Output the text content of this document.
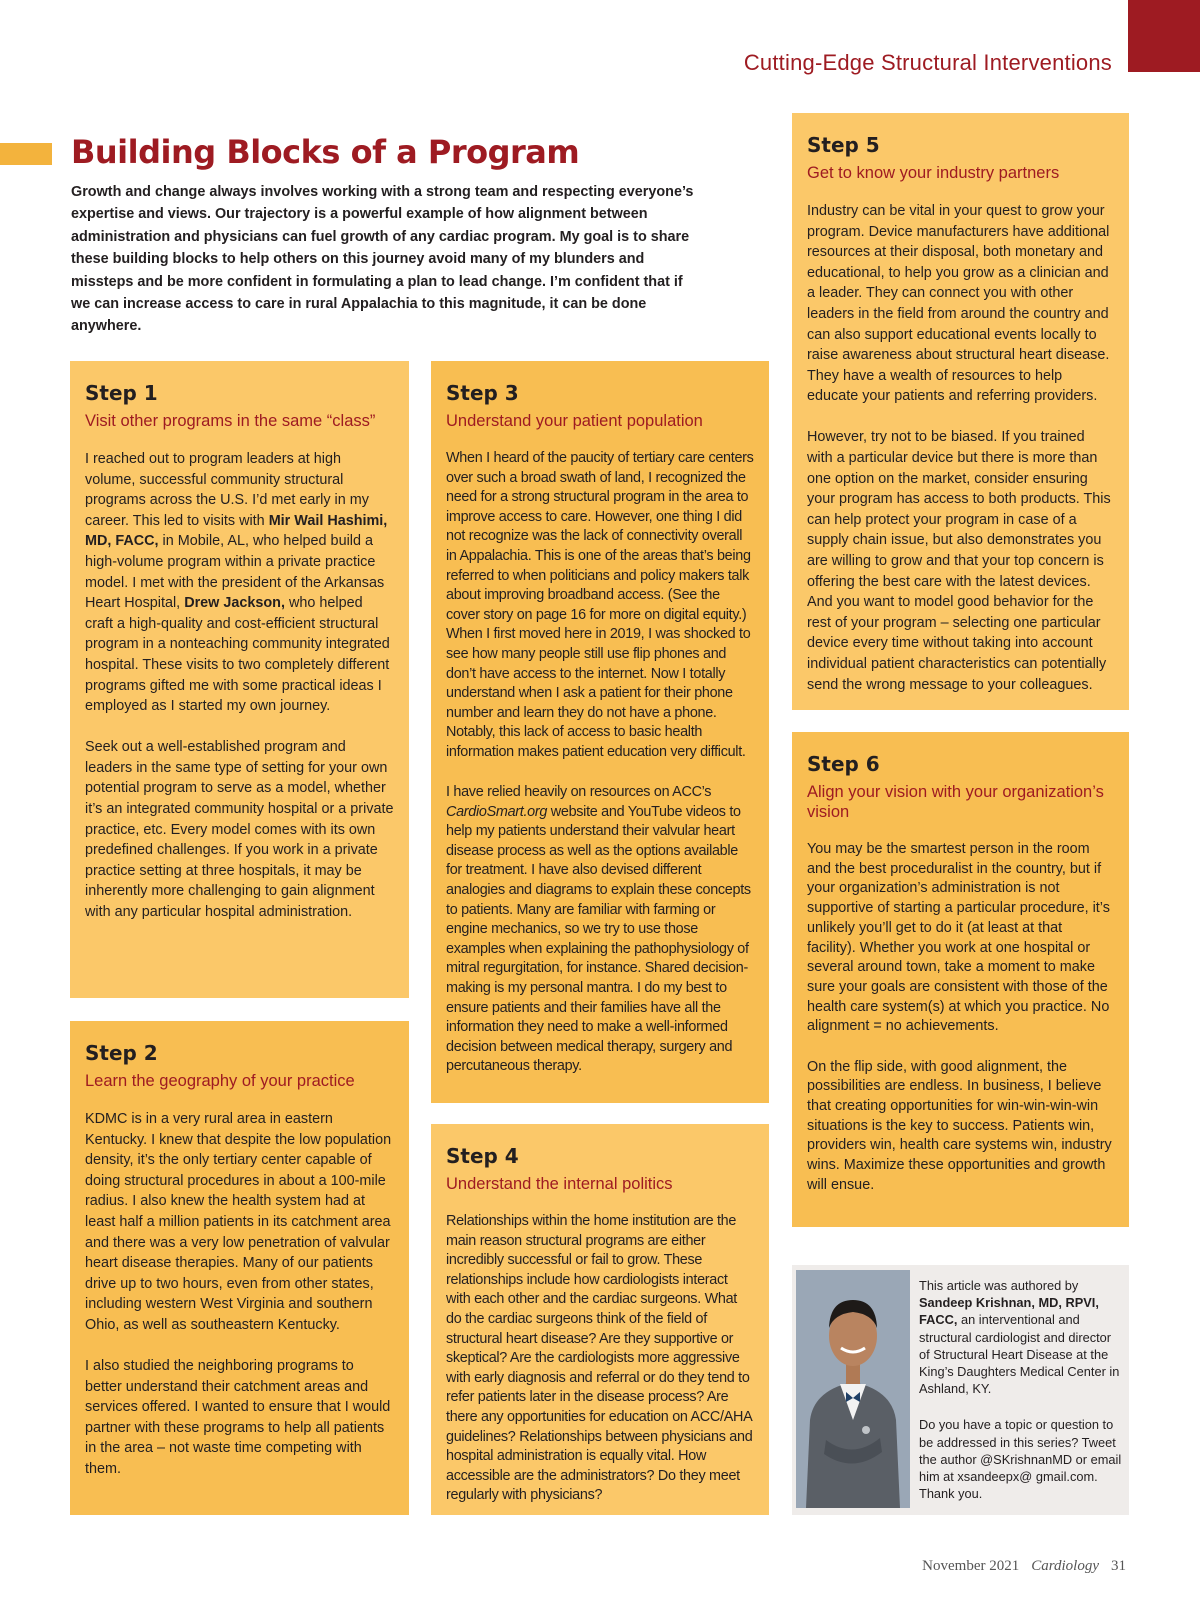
Cutting-Edge Structural Interventions
Building Blocks of a Program
Growth and change always involves working with a strong team and respecting everyone’s expertise and views. Our trajectory is a powerful example of how alignment between administration and physicians can fuel growth of any cardiac program. My goal is to share these building blocks to help others on this journey avoid many of my blunders and missteps and be more confident in formulating a plan to lead change. I’m confident that if we can increase access to care in rural Appalachia to this magnitude, it can be done anywhere.
Step 1
Visit other programs in the same “class”

I reached out to program leaders at high volume, successful community structural programs across the U.S. I’d met early in my career. This led to visits with Mir Wail Hashimi, MD, FACC, in Mobile, AL, who helped build a high-volume program within a private practice model. I met with the president of the Arkansas Heart Hospital, Drew Jackson, who helped craft a high-quality and cost-efficient structural program in a nonteaching community integrated hospital. These visits to two completely different programs gifted me with some practical ideas I employed as I started my own journey.

Seek out a well-established program and leaders in the same type of setting for your own potential program to serve as a model, whether it’s an integrated community hospital or a private practice, etc. Every model comes with its own predefined challenges. If you work in a private practice setting at three hospitals, it may be inherently more challenging to gain alignment with any particular hospital administration.

Step 2
Learn the geography of your practice

KDMC is in a very rural area in eastern Kentucky. I knew that despite the low population density, it’s the only tertiary center capable of doing structural procedures in about a 100-mile radius. I also knew the health system had at least half a million patients in its catchment area and there was a very low penetration of valvular heart disease therapies. Many of our patients drive up to two hours, even from other states, including western West Virginia and southern Ohio, as well as southeastern Kentucky.

I also studied the neighboring programs to better understand their catchment areas and services offered. I wanted to ensure that I would partner with these programs to help all patients in the area – not waste time competing with them.

Step 3
Understand your patient population

When I heard of the paucity of tertiary care centers over such a broad swath of land, I recognized the need for a strong structural program in the area to improve access to care. However, one thing I did not recognize was the lack of connectivity overall in Appalachia. This is one of the areas that’s being referred to when politicians and policy makers talk about improving broadband access. (See the cover story on page 16 for more on digital equity.) When I first moved here in 2019, I was shocked to see how many people still use flip phones and don’t have access to the internet. Now I totally understand when I ask a patient for their phone number and learn they do not have a phone. Notably, this lack of access to basic health information makes patient education very difficult.

I have relied heavily on resources on ACC’s CardioSmart.org website and YouTube videos to help my patients understand their valvular heart disease process as well as the options available for treatment. I have also devised different analogies and diagrams to explain these concepts to patients. Many are familiar with farming or engine mechanics, so we try to use those examples when explaining the pathophysiology of mitral regurgitation, for instance. Shared decision-making is my personal mantra. I do my best to ensure patients and their families have all the information they need to make a well-informed decision between medical therapy, surgery and percutaneous therapy.

Step 4
Understand the internal politics

Relationships within the home institution are the main reason structural programs are either incredibly successful or fail to grow. These relationships include how cardiologists interact with each other and the cardiac surgeons. What do the cardiac surgeons think of the field of structural heart disease? Are they supportive or skeptical? Are the cardiologists more aggressive with early diagnosis and referral or do they tend to refer patients later in the disease process? Are there any opportunities for education on ACC/AHA guidelines? Relationships between physicians and hospital administration is equally vital. How accessible are the administrators? Do they meet regularly with physicians?

Step 5
Get to know your industry partners

Industry can be vital in your quest to grow your program. Device manufacturers have additional resources at their disposal, both monetary and educational, to help you grow as a clinician and a leader. They can connect you with other leaders in the field from around the country and can also support educational events locally to raise awareness about structural heart disease. They have a wealth of resources to help educate your patients and referring providers.

However, try not to be biased. If you trained with a particular device but there is more than one option on the market, consider ensuring your program has access to both products. This can help protect your program in case of a supply chain issue, but also demonstrates you are willing to grow and that your top concern is offering the best care with the latest devices. And you want to model good behavior for the rest of your program – selecting one particular device every time without taking into account individual patient characteristics can potentially send the wrong message to your colleagues.

Step 6
Align your vision with your organization’s vision

You may be the smartest person in the room and the best proceduralist in the country, but if your organization’s administration is not supportive of starting a particular procedure, it’s unlikely you’ll get to do it (at least at that facility). Whether you work at one hospital or several around town, take a moment to make sure your goals are consistent with those of the health care system(s) at which you practice. No alignment = no achievements.

On the flip side, with good alignment, the possibilities are endless. In business, I believe that creating opportunities for win-win-win-win situations is the key to success. Patients win, providers win, health care systems win, industry wins. Maximize these opportunities and growth will ensue.

This article was authored by Sandeep Krishnan, MD, RPVI, FACC, an interventional and structural cardiologist and director of Structural Heart Disease at the King’s Daughters Medical Center in Ashland, KY.

Do you have a topic or question to be addressed in this series? Tweet the author @SKrishnanMD or email him at xsandeepx@ gmail.com. Thank you.

November 2021 Cardiology 31
